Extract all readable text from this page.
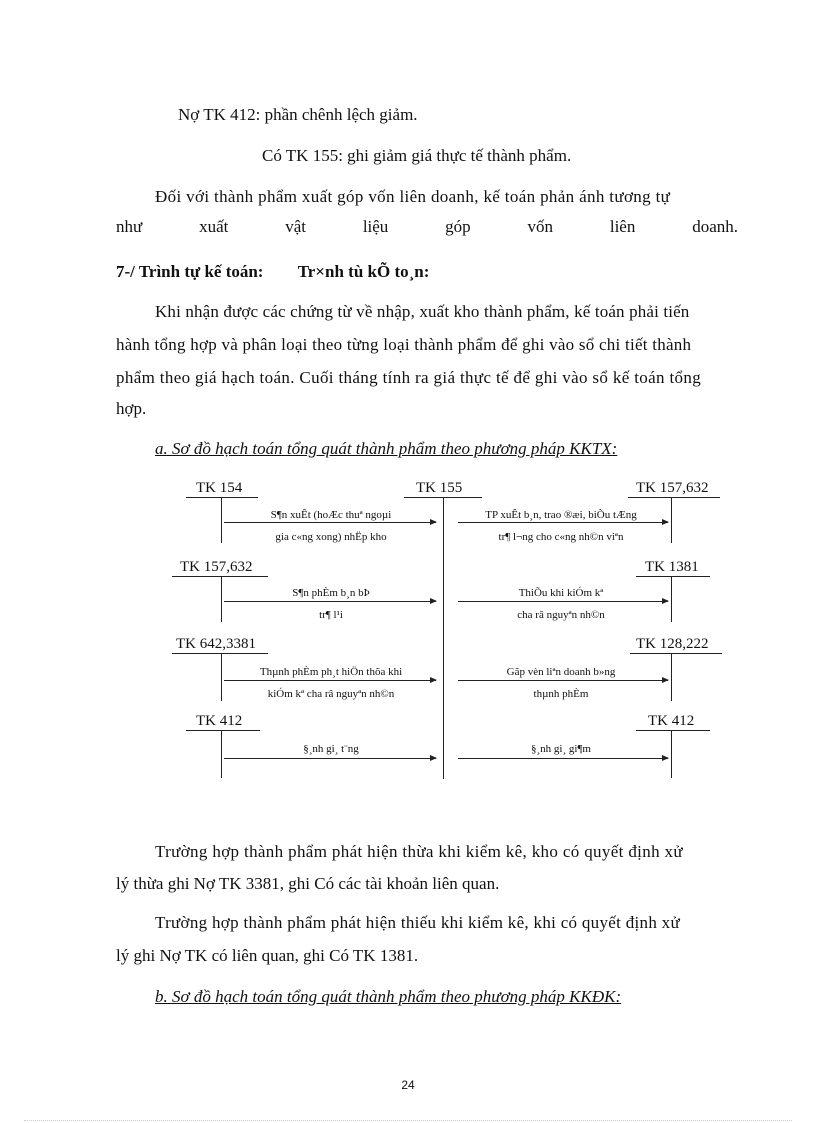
Nợ TK 412: phần chênh lệch giảm.
Có TK 155: ghi giảm giá thực tế thành phẩm.
Đối với thành phẩm xuất góp vốn liên doanh, kế toán phản ánh tương tự
như	xuất	vật	liệu	góp	vốn	liên	doanh.
7-/ Trình tự kế toán: Tr×nh tù kÕ to¸n:
Khi nhận được các chứng từ về nhập, xuất kho thành phẩm, kế toán phải tiến
hành tổng hợp và phân loại theo từng loại thành phẩm để ghi vào sổ chi tiết thành
phẩm theo giá hạch toán. Cuối tháng tính ra giá thực tế để ghi vào sổ kế toán tổng
hợp.
a. Sơ đồ hạch toán tổng quát thành phẩm theo phương pháp KKTX:
TK 154	TK 155	TK 157,632
S¶n xuÊt (hoÆc thuª ngoµi
gia c«ng xong) nhËp kho
TP xuÊt b¸n, trao ®æi, biÕu tÆng
tr¶ l¬ng cho c«ng nh©n viªn
TK 157,632	TK 1381
S¶n phÈm b¸n bÞ
tr¶ l¹i
ThiÕu khi kiÓm kª
cha râ nguyªn nh©n
TK 642,3381	TK 128,222
Thµnh phÈm ph¸t hiÖn thõa khi
kiÓm kª cha râ nguyªn nh©n
Gãp vèn liªn doanh b»ng
thµnh phÈm
TK 412	TK 412
§¸nh gi¸ t¨ng	§¸nh gi¸ gi¶m
Trường hợp thành phẩm phát hiện thừa khi kiểm kê, kho có quyết định xử
lý thừa ghi Nợ TK 3381, ghi Có các tài khoản liên quan.
Trường hợp thành phẩm phát hiện thiếu khi kiểm kê, khi có quyết định xử
lý ghi Nợ TK có liên quan, ghi Có TK 1381.
b. Sơ đồ hạch toán tổng quát thành phẩm theo phương pháp KKĐK:
24
